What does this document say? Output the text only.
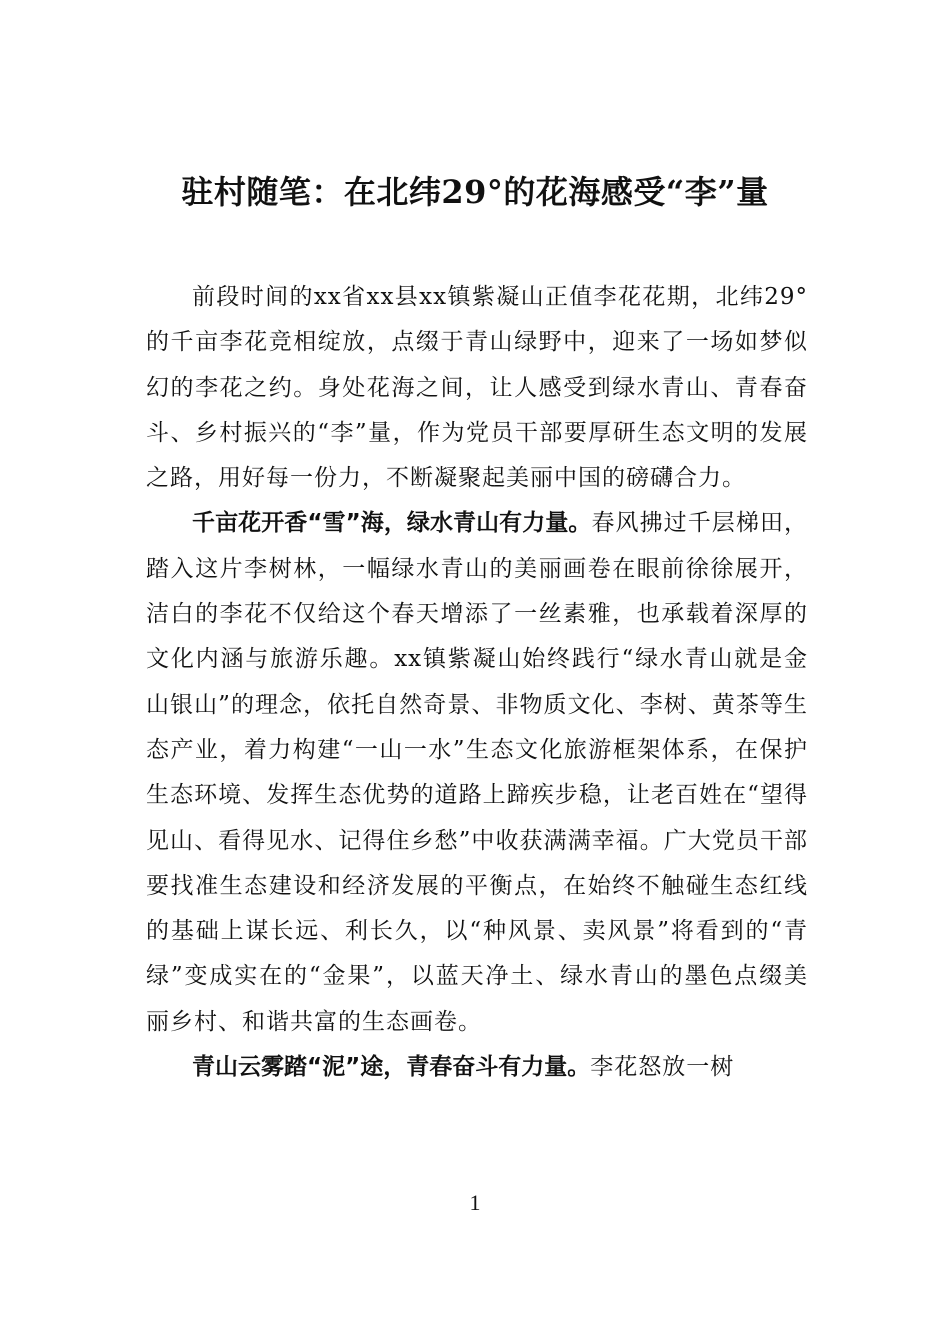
驻村随笔：在北纬29°的花海感受“李”量

前段时间的xx省xx县xx镇紫凝山正值李花花期，北纬29°的千亩李花竞相绽放，点缀于青山绿野中，迎来了一场如梦似幻的李花之约。身处花海之间，让人感受到绿水青山、青春奋斗、乡村振兴的“李”量，作为党员干部要厚研生态文明的发展之路，用好每一份力，不断凝聚起美丽中国的磅礴合力。

千亩花开香“雪”海，绿水青山有力量。春风拂过千层梯田，踏入这片李树林，一幅绿水青山的美丽画卷在眼前徐徐展开，洁白的李花不仅给这个春天增添了一丝素雅，也承载着深厚的文化内涵与旅游乐趣。xx镇紫凝山始终践行“绿水青山就是金山银山”的理念，依托自然奇景、非物质文化、李树、黄茶等生态产业，着力构建“一山一水”生态文化旅游框架体系，在保护生态环境、发挥生态优势的道路上蹄疾步稳，让老百姓在“望得见山、看得见水、记得住乡愁”中收获满满幸福。广大党员干部要找准生态建设和经济发展的平衡点，在始终不触碰生态红线的基础上谋长远、利长久，以“种风景、卖风景”将看到的“青绿”变成实在的“金果”，以蓝天净土、绿水青山的墨色点缀美丽乡村、和谐共富的生态画卷。

青山云雾踏“泥”途，青春奋斗有力量。李花怒放一树

1
